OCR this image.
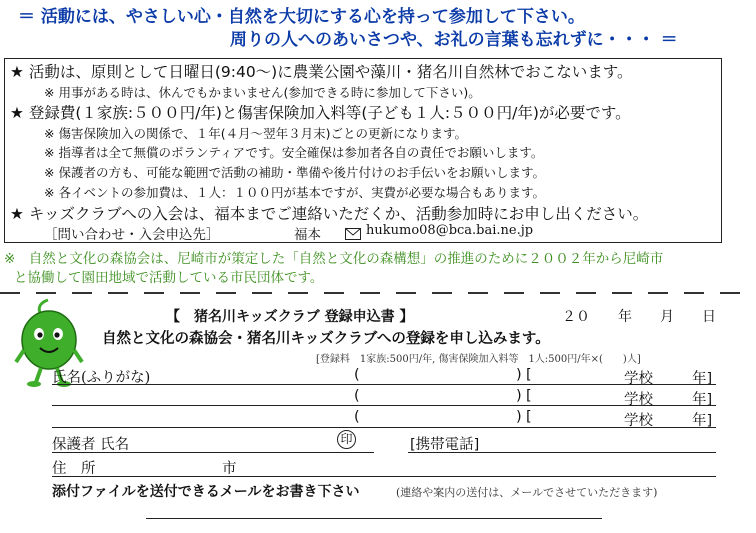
＝ 活動には、やさしい心・自然を大切にする心を持って参加して下さい。
周りの人へのあいさつや、お礼の言葉も忘れずに・・・ ＝
★ 活動は、原則として日曜日(9:40〜)に農業公園や藻川・猪名川自然林でおこないます。
※ 用事がある時は、休んでもかまいません(参加できる時に参加して下さい)。
★ 登録費(１家族:５００円/年)と傷害保険加入料等(子ども１人:５００円/年)が必要です。
※ 傷害保険加入の関係で、１年(４月〜翌年３月末)ごとの更新になります。
※ 指導者は全て無償のボランティアです。安全確保は参加者各自の責任でお願いします。
※ 保護者の方も、可能な範囲で活動の補助・準備や後片付けのお手伝いをお願いします。
※ 各イベントの参加費は、１人：１００円が基本ですが、実費が必要な場合もあります。
★ キッズクラブへの入会は、福本までご連絡いただくか、活動参加時にお申し出ください。
［問い合わせ・入会申込先］	福本	hukumo08@bca.bai.ne.jp
※　自然と文化の森協会は、尼崎市が策定した「自然と文化の森構想」の推進のために２００２年から尼崎市
と協働して園田地域で活動している市民団体です。
【　猪名川キッズクラブ 登録申込書 】	２０　　年　　月　　日
自然と文化の森協会・猪名川キッズクラブへの登録を申し込みます。
[登録料　1家族:500円/年, 傷害保険加入料等　1人:500円/年×(　　)人]
氏名(ふりがな)	(	) [	学校	年]
(	) [	学校	年]
(	) [	学校	年]
保護者 氏名	印	[携帯電話]
住　所	市
添付ファイルを送付できるメールをお書き下さい	(連絡や案内の送付は、メールでさせていただきます)
